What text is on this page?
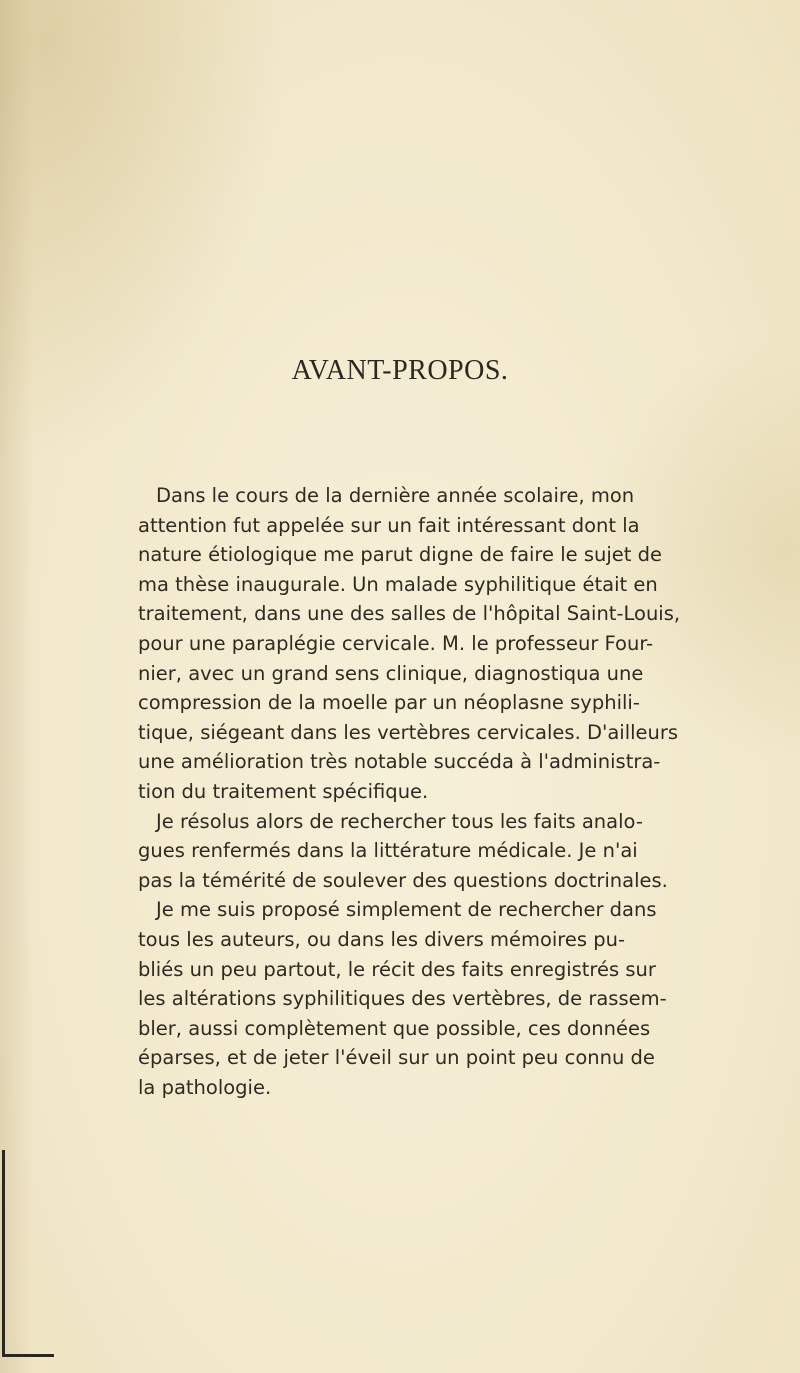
AVANT-PROPOS.
Dans le cours de la dernière année scolaire, mon
attention fut appelée sur un fait intéressant dont la
nature étiologique me parut digne de faire le sujet de
ma thèse inaugurale. Un malade syphilitique était en
traitement, dans une des salles de l'hôpital Saint-Louis,
pour une paraplégie cervicale. M. le professeur Four-
nier, avec un grand sens clinique, diagnostiqua une
compression de la moelle par un néoplasne syphili-
tique, siégeant dans les vertèbres cervicales. D'ailleurs
une amélioration très notable succéda à l'administra-
tion du traitement spécifique.
Je résolus alors de rechercher tous les faits analo-
gues renfermés dans la littérature médicale. Je n'ai
pas la témérité de soulever des questions doctrinales.
Je me suis proposé simplement de rechercher dans
tous les auteurs, ou dans les divers mémoires pu-
bliés un peu partout, le récit des faits enregistrés sur
les altérations syphilitiques des vertèbres, de rassem-
bler, aussi complètement que possible, ces données
éparses, et de jeter l'éveil sur un point peu connu de
la pathologie.
